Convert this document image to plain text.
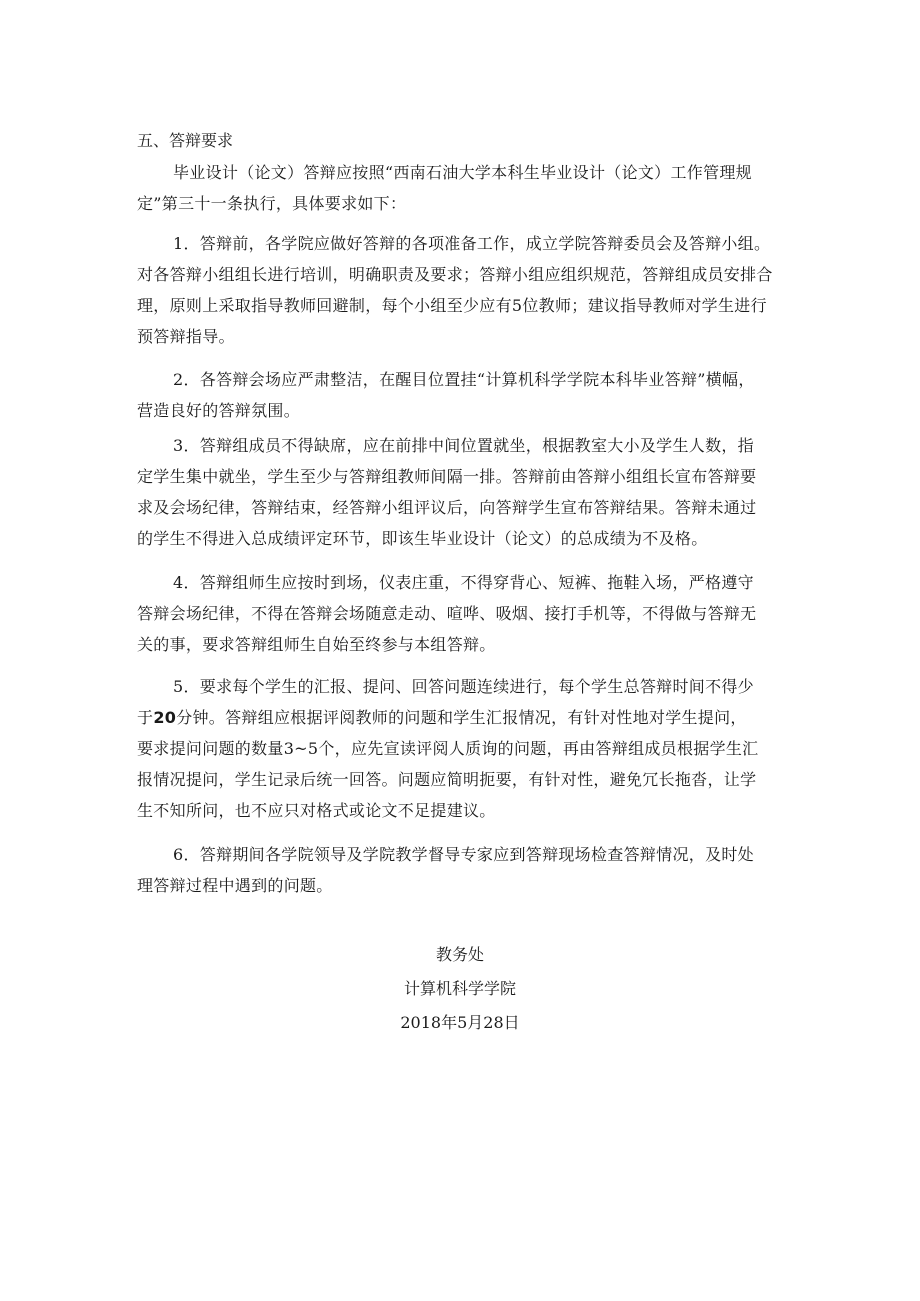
五、答辩要求
毕业设计（论文）答辩应按照“西南石油大学本科生毕业设计（论文）工作管理规
定”第三十一条执行，具体要求如下：
1．答辩前，各学院应做好答辩的各项准备工作，成立学院答辩委员会及答辩小组。
对各答辩小组组长进行培训，明确职责及要求；答辩小组应组织规范，答辩组成员安排合
理，原则上采取指导教师回避制，每个小组至少应有5位教师；建议指导教师对学生进行
预答辩指导。
2．各答辩会场应严肃整洁，在醒目位置挂“计算机科学学院本科毕业答辩”横幅，
营造良好的答辩氛围。
3．答辩组成员不得缺席，应在前排中间位置就坐，根据教室大小及学生人数，指
定学生集中就坐，学生至少与答辩组教师间隔一排。答辩前由答辩小组组长宣布答辩要
求及会场纪律，答辩结束，经答辩小组评议后，向答辩学生宣布答辩结果。答辩未通过
的学生不得进入总成绩评定环节，即该生毕业设计（论文）的总成绩为不及格。
4．答辩组师生应按时到场，仪表庄重，不得穿背心、短裤、拖鞋入场，严格遵守
答辩会场纪律，不得在答辩会场随意走动、喧哗、吸烟、接打手机等，不得做与答辩无
关的事，要求答辩组师生自始至终参与本组答辩。
5．要求每个学生的汇报、提问、回答问题连续进行，每个学生总答辩时间不得少
于20分钟。答辩组应根据评阅教师的问题和学生汇报情况，有针对性地对学生提问，
要求提问问题的数量3~5个，应先宣读评阅人质询的问题，再由答辩组成员根据学生汇
报情况提问，学生记录后统一回答。问题应简明扼要，有针对性，避免冗长拖沓，让学
生不知所问，也不应只对格式或论文不足提建议。
6．答辩期间各学院领导及学院教学督导专家应到答辩现场检查答辩情况，及时处
理答辩过程中遇到的问题。
教务处
计算机科学学院
2018年5月28日
